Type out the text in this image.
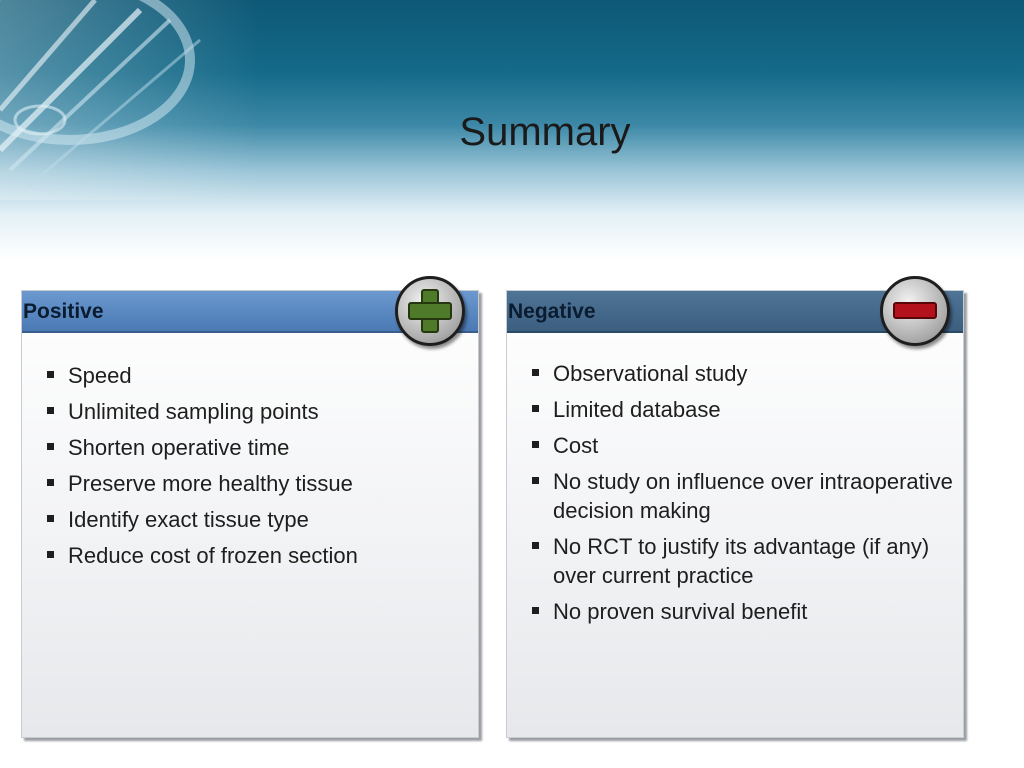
Summary
Positive
Speed
Unlimited sampling points
Shorten operative time
Preserve more healthy tissue
Identify exact tissue type
Reduce cost of frozen section
Negative
Observational study
Limited database
Cost
No study on influence over intraoperative decision making
No RCT to justify its advantage (if any) over current practice
No proven survival benefit
